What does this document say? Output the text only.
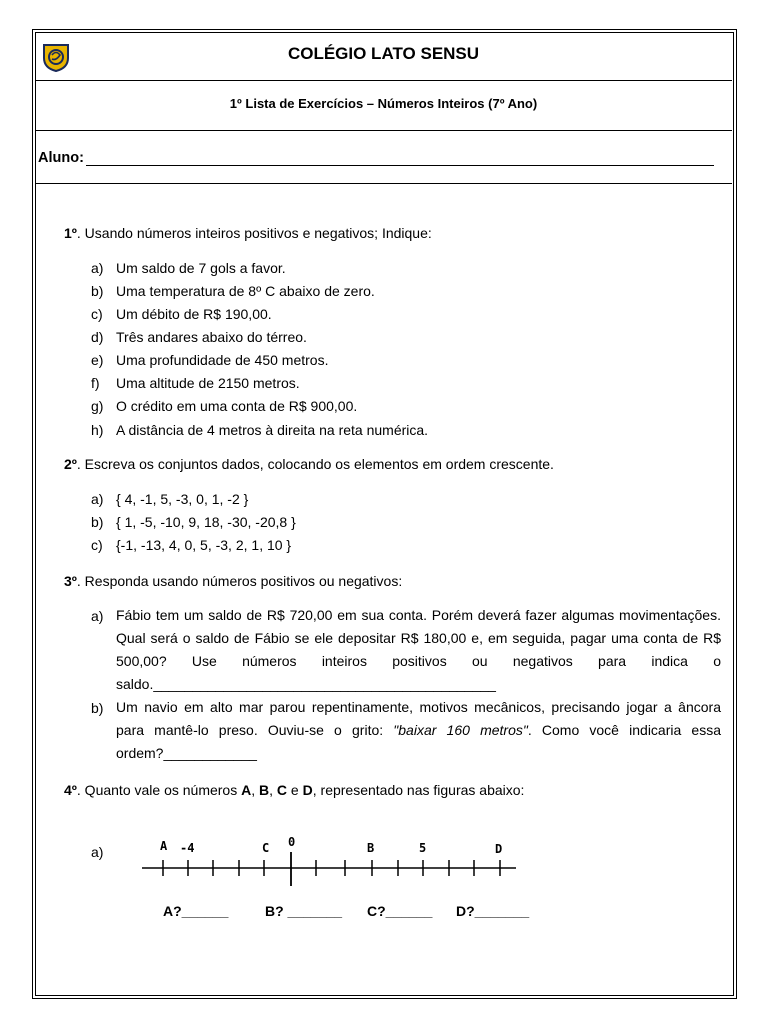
COLÉGIO LATO SENSU
1º Lista de Exercícios – Números Inteiros (7º Ano)
Aluno:
1º. Usando números inteiros positivos e negativos; Indique:
a) Um saldo de 7 gols a favor.
b) Uma temperatura de 8º C abaixo de zero.
c) Um débito de R$ 190,00.
d) Três andares abaixo do térreo.
e) Uma profundidade de 450 metros.
f) Uma altitude de 2150 metros.
g) O crédito em uma conta de R$ 900,00.
h) A distância de 4 metros à direita na reta numérica.
2º. Escreva os conjuntos dados, colocando os elementos em ordem crescente.
a) { 4, -1, 5, -3, 0, 1, -2 }
b) { 1, -5, -10, 9, 18, -30, -20,8 }
c) {-1, -13, 4, 0, 5, -3, 2, 1, 10 }
3º. Responda usando números positivos ou negativos:
a) Fábio tem um saldo de R$ 720,00 em sua conta. Porém deverá fazer algumas movimentações.
Qual será o saldo de Fábio se ele depositar R$ 180,00 e, em seguida, pagar uma conta de R$
500,00? Use números inteiros positivos ou negativos para indica o
saldo.____________________________________________
b) Um navio em alto mar parou repentinamente, motivos mecânicos, precisando jogar a âncora
para mantê-lo preso. Ouviu-se o grito: "baixar 160 metros". Como você indicaria essa
ordem?____________
4º. Quanto vale os números A, B, C e D, representado nas figuras abaixo:
a)	A -4	C 0	B	5	D
A?______	B? _______ C?______ D?_______
